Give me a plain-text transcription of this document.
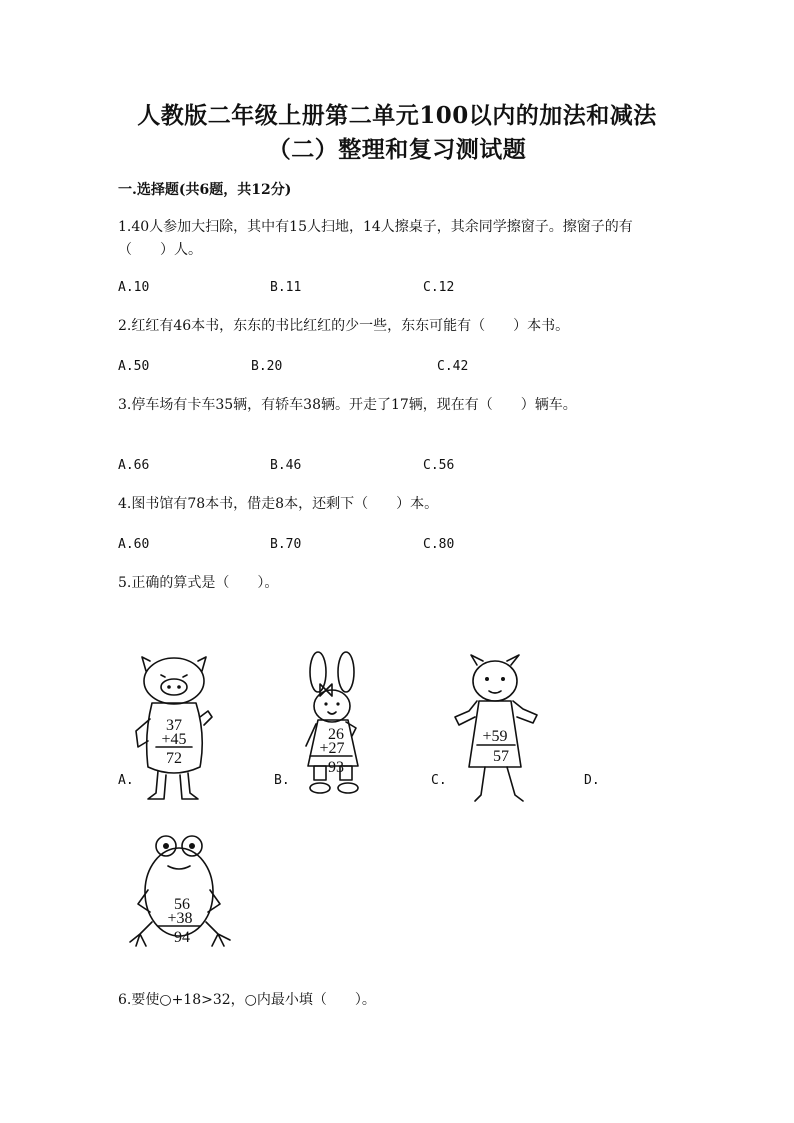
人教版二年级上册第二单元100以内的加法和减法
（二）整理和复习测试题
一.选择题(共6题，共12分)
1.40人参加大扫除，其中有15人扫地，14人擦桌子，其余同学擦窗子。擦窗子的有（　　）人。
A.10	B.11	C.12
2.红红有46本书，东东的书比红红的少一些，东东可能有（　　）本书。
A.50	B.20	C.42
3.停车场有卡车35辆，有轿车38辆。开走了17辆，现在有（　　）辆车。
A.66	B.46	C.56
4.图书馆有78本书，借走8本，还剩下（　　）本。
A.60	B.70	C.80
5.正确的算式是（　　）。
A.	B.	C.	D.
37
+45
72
26
+27
93
+59
57
56
+38
94
6.要使○+18>32，○内最小填（　　）。
